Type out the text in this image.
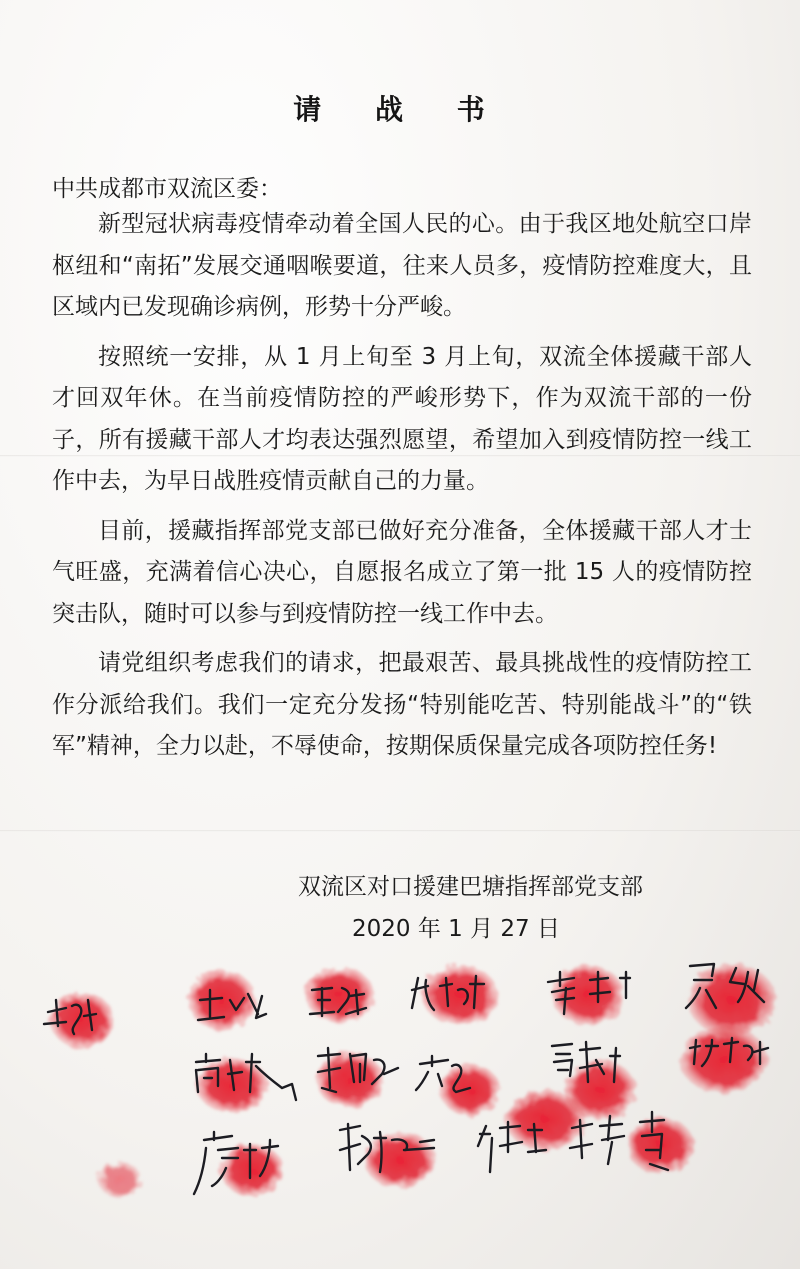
请 战 书
中共成都市双流区委：

新型冠状病毒疫情牵动着全国人民的心。由于我区地处航空口岸枢纽和“南拓”发展交通咽喉要道，往来人员多，疫情防控难度大，且区域内已发现确诊病例，形势十分严峻。

按照统一安排，从 1 月上旬至 3 月上旬，双流全体援藏干部人才回双年休。在当前疫情防控的严峻形势下，作为双流干部的一份子，所有援藏干部人才均表达强烈愿望，希望加入到疫情防控一线工作中去，为早日战胜疫情贡献自己的力量。

目前，援藏指挥部党支部已做好充分准备，全体援藏干部人才士气旺盛，充满着信心决心，自愿报名成立了第一批 15 人的疫情防控突击队，随时可以参与到疫情防控一线工作中去。

请党组织考虑我们的请求，把最艰苦、最具挑战性的疫情防控工作分派给我们。我们一定充分发扬“特别能吃苦、特别能战斗”的“铁军”精神，全力以赴，不辱使命，按期保质保量完成各项防控任务!

双流区对口援建巴塘指挥部党支部
2020 年 1 月 27 日
